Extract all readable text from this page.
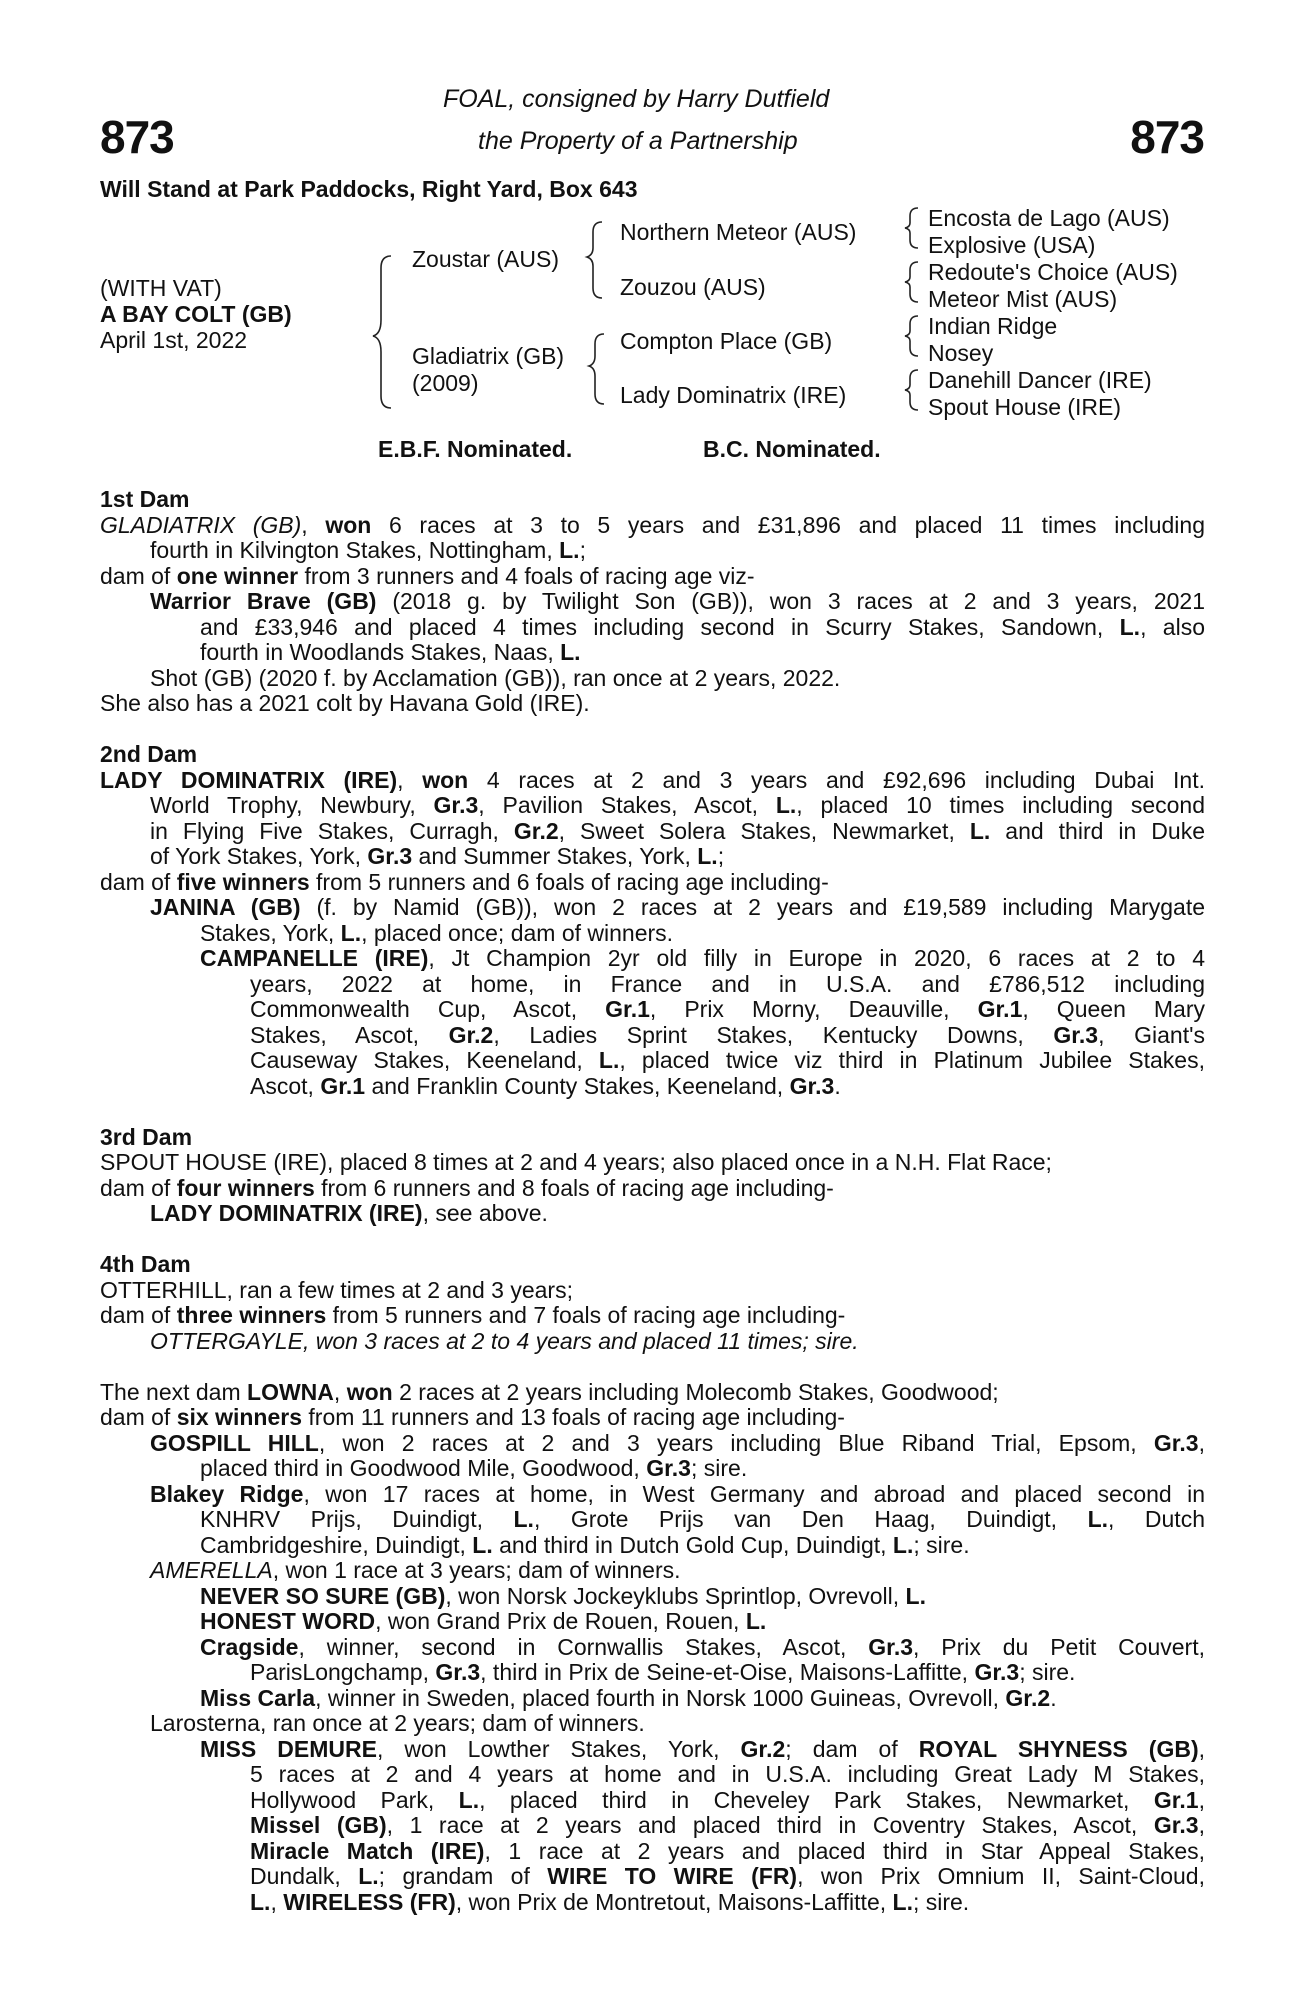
873	873
FOAL, consigned by Harry Dutfield
the Property of a Partnership
Will Stand at Park Paddocks, Right Yard, Box 643
(WITH VAT)
A BAY COLT (GB)
April 1st, 2022
Zoustar (AUS)
Gladiatrix (GB)
(2009)
Northern Meteor (AUS)
Zouzou (AUS)
Compton Place (GB)
Lady Dominatrix (IRE)
Encosta de Lago (AUS)
Explosive (USA)
Redoute's Choice (AUS)
Meteor Mist (AUS)
Indian Ridge
Nosey
Danehill Dancer (IRE)
Spout House (IRE)
E.B.F. Nominated.	B.C. Nominated.
1st Dam
GLADIATRIX (GB), won 6 races at 3 to 5 years and £31,896 and placed 11 times including
fourth in Kilvington Stakes, Nottingham, L.;
dam of one winner from 3 runners and 4 foals of racing age viz-
Warrior Brave (GB) (2018 g. by Twilight Son (GB)), won 3 races at 2 and 3 years, 2021
and £33,946 and placed 4 times including second in Scurry Stakes, Sandown, L., also
fourth in Woodlands Stakes, Naas, L.
Shot (GB) (2020 f. by Acclamation (GB)), ran once at 2 years, 2022.
She also has a 2021 colt by Havana Gold (IRE).
2nd Dam
LADY DOMINATRIX (IRE), won 4 races at 2 and 3 years and £92,696 including Dubai Int.
World Trophy, Newbury, Gr.3, Pavilion Stakes, Ascot, L., placed 10 times including second
in Flying Five Stakes, Curragh, Gr.2, Sweet Solera Stakes, Newmarket, L. and third in Duke
of York Stakes, York, Gr.3 and Summer Stakes, York, L.;
dam of five winners from 5 runners and 6 foals of racing age including-
JANINA (GB) (f. by Namid (GB)), won 2 races at 2 years and £19,589 including Marygate
Stakes, York, L., placed once; dam of winners.
CAMPANELLE (IRE), Jt Champion 2yr old filly in Europe in 2020, 6 races at 2 to 4
years, 2022 at home, in France and in U.S.A. and £786,512 including
Commonwealth Cup, Ascot, Gr.1, Prix Morny, Deauville, Gr.1, Queen Mary
Stakes, Ascot, Gr.2, Ladies Sprint Stakes, Kentucky Downs, Gr.3, Giant's
Causeway Stakes, Keeneland, L., placed twice viz third in Platinum Jubilee Stakes,
Ascot, Gr.1 and Franklin County Stakes, Keeneland, Gr.3.
3rd Dam
SPOUT HOUSE (IRE), placed 8 times at 2 and 4 years; also placed once in a N.H. Flat Race;
dam of four winners from 6 runners and 8 foals of racing age including-
LADY DOMINATRIX (IRE), see above.
4th Dam
OTTERHILL, ran a few times at 2 and 3 years;
dam of three winners from 5 runners and 7 foals of racing age including-
OTTERGAYLE, won 3 races at 2 to 4 years and placed 11 times; sire.
The next dam LOWNA, won 2 races at 2 years including Molecomb Stakes, Goodwood;
dam of six winners from 11 runners and 13 foals of racing age including-
GOSPILL HILL, won 2 races at 2 and 3 years including Blue Riband Trial, Epsom, Gr.3,
placed third in Goodwood Mile, Goodwood, Gr.3; sire.
Blakey Ridge, won 17 races at home, in West Germany and abroad and placed second in
KNHRV Prijs, Duindigt, L., Grote Prijs van Den Haag, Duindigt, L., Dutch
Cambridgeshire, Duindigt, L. and third in Dutch Gold Cup, Duindigt, L.; sire.
AMERELLA, won 1 race at 3 years; dam of winners.
NEVER SO SURE (GB), won Norsk Jockeyklubs Sprintlop, Ovrevoll, L.
HONEST WORD, won Grand Prix de Rouen, Rouen, L.
Cragside, winner, second in Cornwallis Stakes, Ascot, Gr.3, Prix du Petit Couvert,
ParisLongchamp, Gr.3, third in Prix de Seine-et-Oise, Maisons-Laffitte, Gr.3; sire.
Miss Carla, winner in Sweden, placed fourth in Norsk 1000 Guineas, Ovrevoll, Gr.2.
Larosterna, ran once at 2 years; dam of winners.
MISS DEMURE, won Lowther Stakes, York, Gr.2; dam of ROYAL SHYNESS (GB),
5 races at 2 and 4 years at home and in U.S.A. including Great Lady M Stakes,
Hollywood Park, L., placed third in Cheveley Park Stakes, Newmarket, Gr.1,
Missel (GB), 1 race at 2 years and placed third in Coventry Stakes, Ascot, Gr.3,
Miracle Match (IRE), 1 race at 2 years and placed third in Star Appeal Stakes,
Dundalk, L.; grandam of WIRE TO WIRE (FR), won Prix Omnium II, Saint-Cloud,
L., WIRELESS (FR), won Prix de Montretout, Maisons-Laffitte, L.; sire.
